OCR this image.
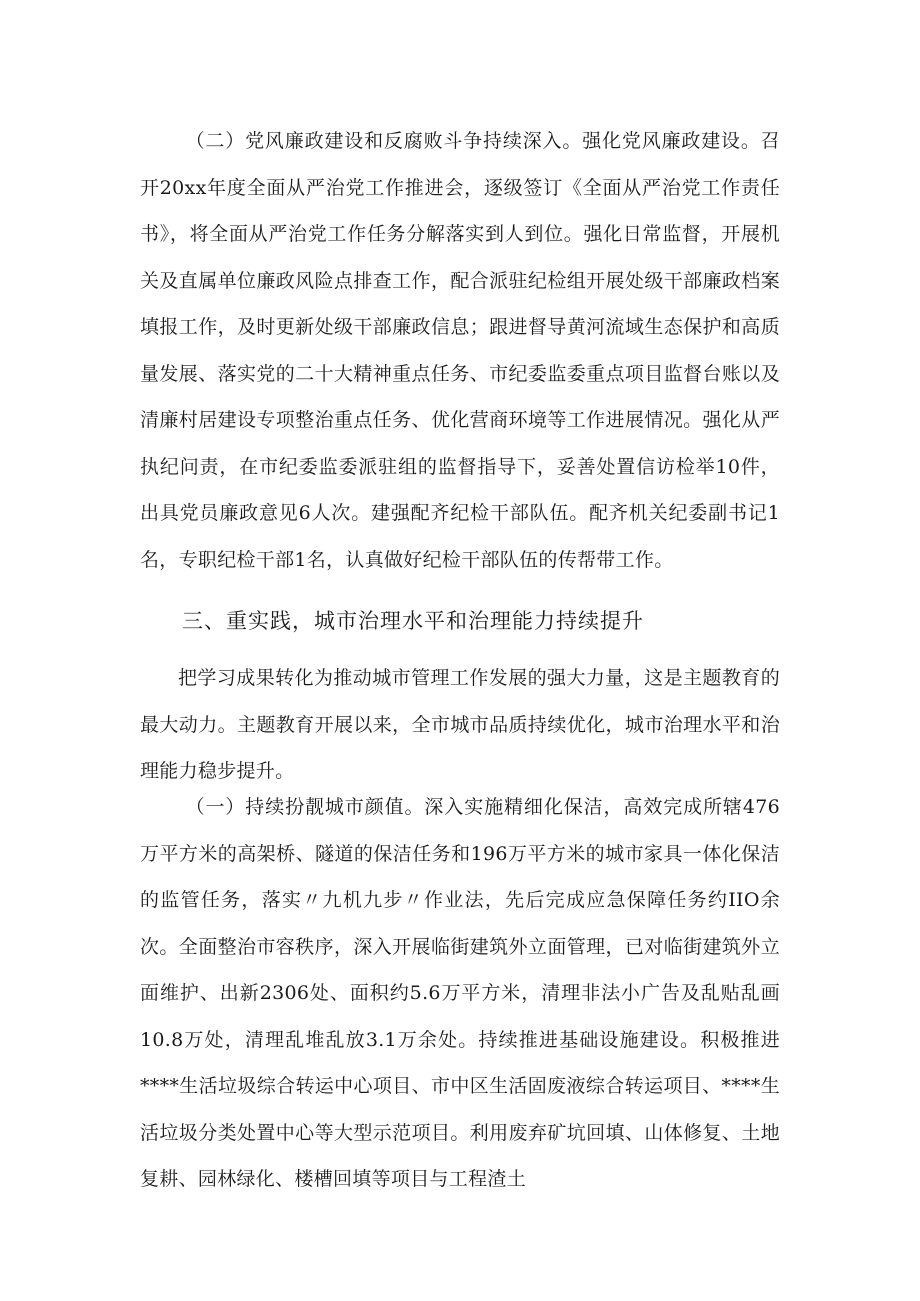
（二）党风廉政建设和反腐败斗争持续深入。强化党风廉政建设。召开20xx年度全面从严治党工作推进会，逐级签订《全面从严治党工作责任书》，将全面从严治党工作任务分解落实到人到位。强化日常监督，开展机关及直属单位廉政风险点排查工作，配合派驻纪检组开展处级干部廉政档案填报工作，及时更新处级干部廉政信息；跟进督导黄河流域生态保护和高质量发展、落实党的二十大精神重点任务、市纪委监委重点项目监督台账以及清廉村居建设专项整治重点任务、优化营商环境等工作进展情况。强化从严执纪问责，在市纪委监委派驻组的监督指导下，妥善处置信访检举10件，出具党员廉政意见6人次。建强配齐纪检干部队伍。配齐机关纪委副书记1名，专职纪检干部1名，认真做好纪检干部队伍的传帮带工作。

三、重实践，城市治理水平和治理能力持续提升

把学习成果转化为推动城市管理工作发展的强大力量，这是主题教育的最大动力。主题教育开展以来，全市城市品质持续优化，城市治理水平和治理能力稳步提升。

（一）持续扮靓城市颜值。深入实施精细化保洁，高效完成所辖476万平方米的高架桥、隧道的保洁任务和196万平方米的城市家具一体化保洁的监管任务，落实〃九机九步〃作业法，先后完成应急保障任务约IIO余次。全面整治市容秩序，深入开展临街建筑外立面管理，已对临街建筑外立面维护、出新2306处、面积约5.6万平方米，清理非法小广告及乱贴乱画10.8万处，清理乱堆乱放3.1万余处。持续推进基础设施建设。积极推进****生活垃圾综合转运中心项目、市中区生活固废液综合转运项目、****生活垃圾分类处置中心等大型示范项目。利用废弃矿坑回填、山体修复、土地复耕、园林绿化、楼槽回填等项目与工程渣土
